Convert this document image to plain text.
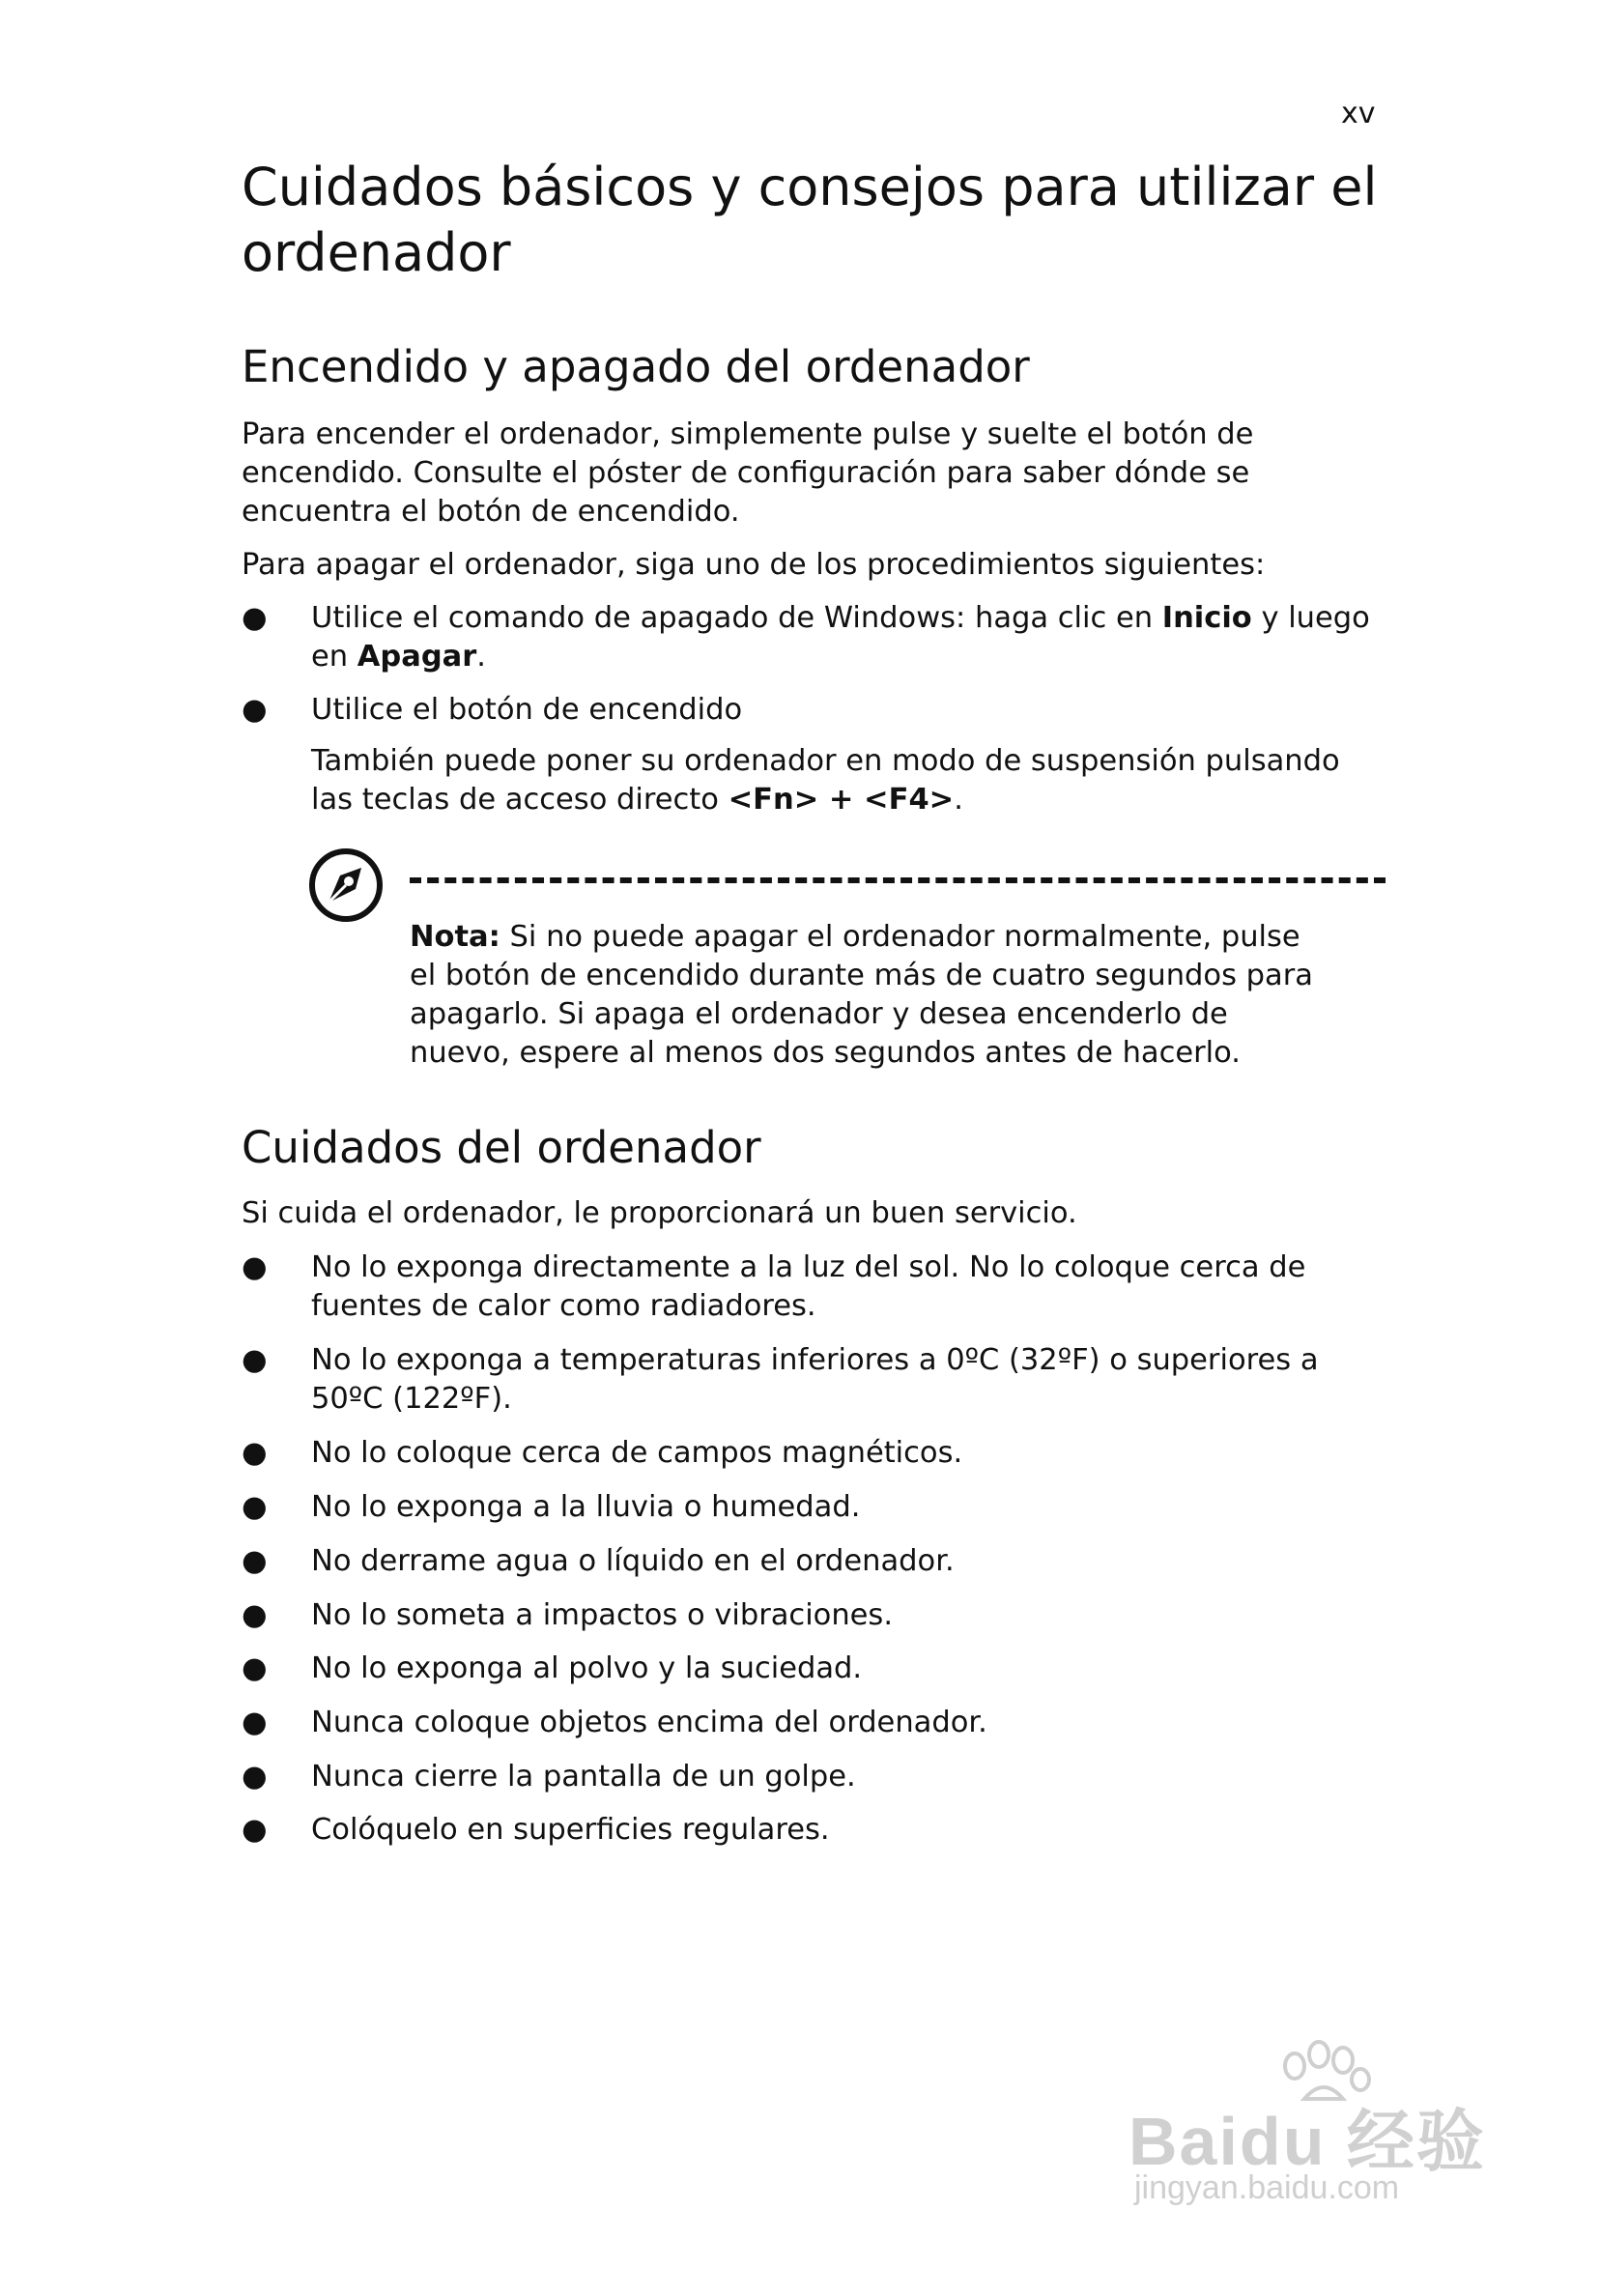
xv
Cuidados básicos y consejos para utilizar el ordenador
Encendido y apagado del ordenador

Para encender el ordenador, simplemente pulse y suelte el botón de encendido. Consulte el póster de configuración para saber dónde se encuentra el botón de encendido.

Para apagar el ordenador, siga uno de los procedimientos siguientes:

● Utilice el comando de apagado de Windows: haga clic en Inicio y luego en Apagar.
● Utilice el botón de encendido

También puede poner su ordenador en modo de suspensión pulsando las teclas de acceso directo <Fn> + <F4>.

Nota: Si no puede apagar el ordenador normalmente, pulse el botón de encendido durante más de cuatro segundos para apagarlo. Si apaga el ordenador y desea encenderlo de nuevo, espere al menos dos segundos antes de hacerlo.

Cuidados del ordenador

Si cuida el ordenador, le proporcionará un buen servicio.

● No lo exponga directamente a la luz del sol. No lo coloque cerca de fuentes de calor como radiadores.
● No lo exponga a temperaturas inferiores a 0ºC (32ºF) o superiores a 50ºC (122ºF).
● No lo coloque cerca de campos magnéticos.
● No lo exponga a la lluvia o humedad.
● No derrame agua o líquido en el ordenador.
● No lo someta a impactos o vibraciones.
● No lo exponga al polvo y la suciedad.
● Nunca coloque objetos encima del ordenador.
● Nunca cierre la pantalla de un golpe.
● Colóquelo en superficies regulares.
Baidu 经验
jingyan.baidu.com
